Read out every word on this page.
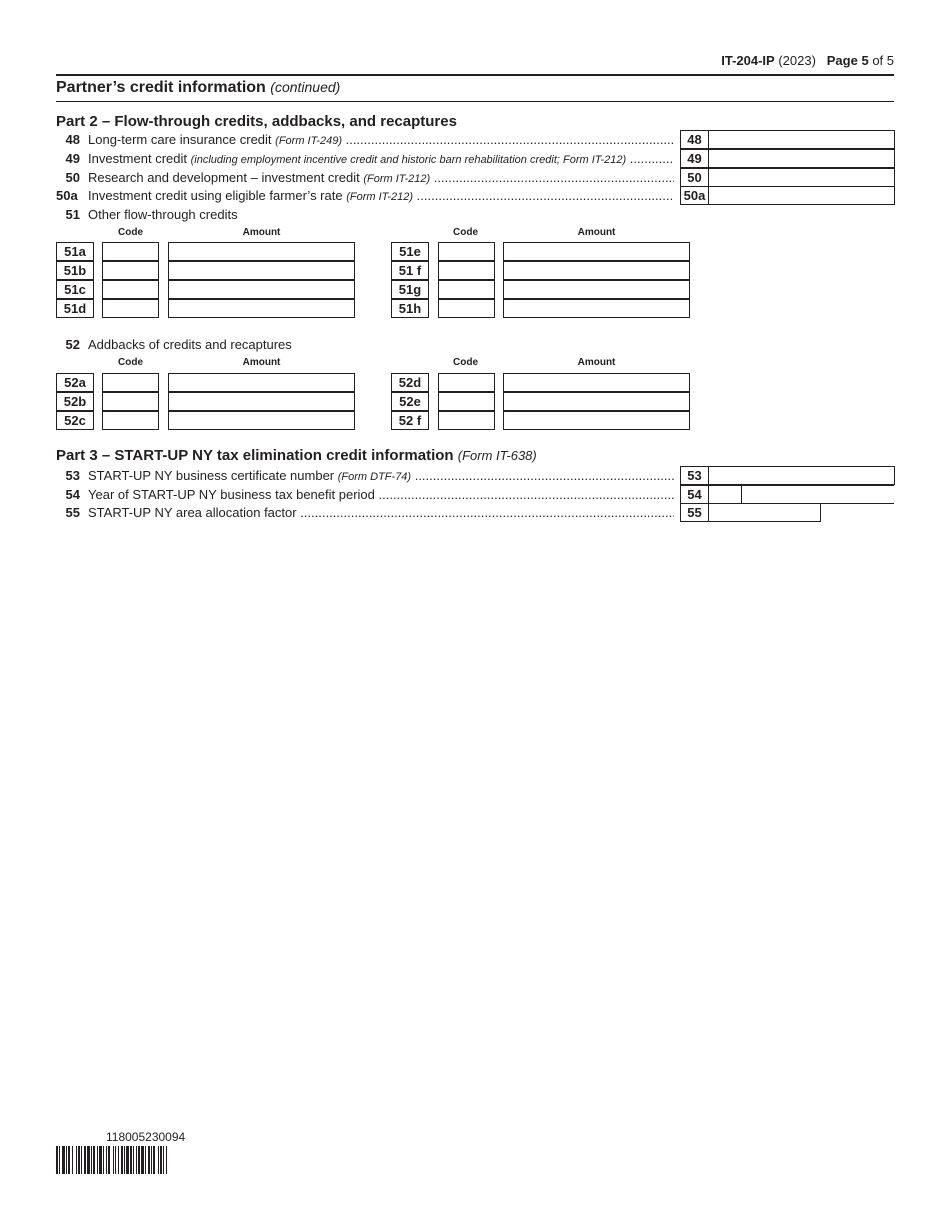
IT-204-IP (2023) Page 5 of 5
Partner’s credit information (continued)
Part 2 – Flow-through credits, addbacks, and recaptures
48 Long-term care insurance credit (Form IT-249) .....	48
49 Investment credit (including employment incentive credit and historic barn rehabilitation credit; Form IT-212) .....	49
50 Research and development – investment credit (Form IT-212) .....	50
50a Investment credit using eligible farmer’s rate (Form IT-212) .....	50a
51 Other flow-through credits
Code	Amount	Code	Amount
51a
51b
51c
51d
51e
51 f
51g
51h
52 Addbacks of credits and recaptures
Code	Amount	Code	Amount
52a
52b
52c
52d
52e
52 f
Part 3 – START-UP NY tax elimination credit information (Form IT-638)
53 START-UP NY business certificate number (Form DTF-74) .....	53
54 Year of START-UP NY business tax benefit period .....	54
55 START-UP NY area allocation factor .....	55
118005230094
